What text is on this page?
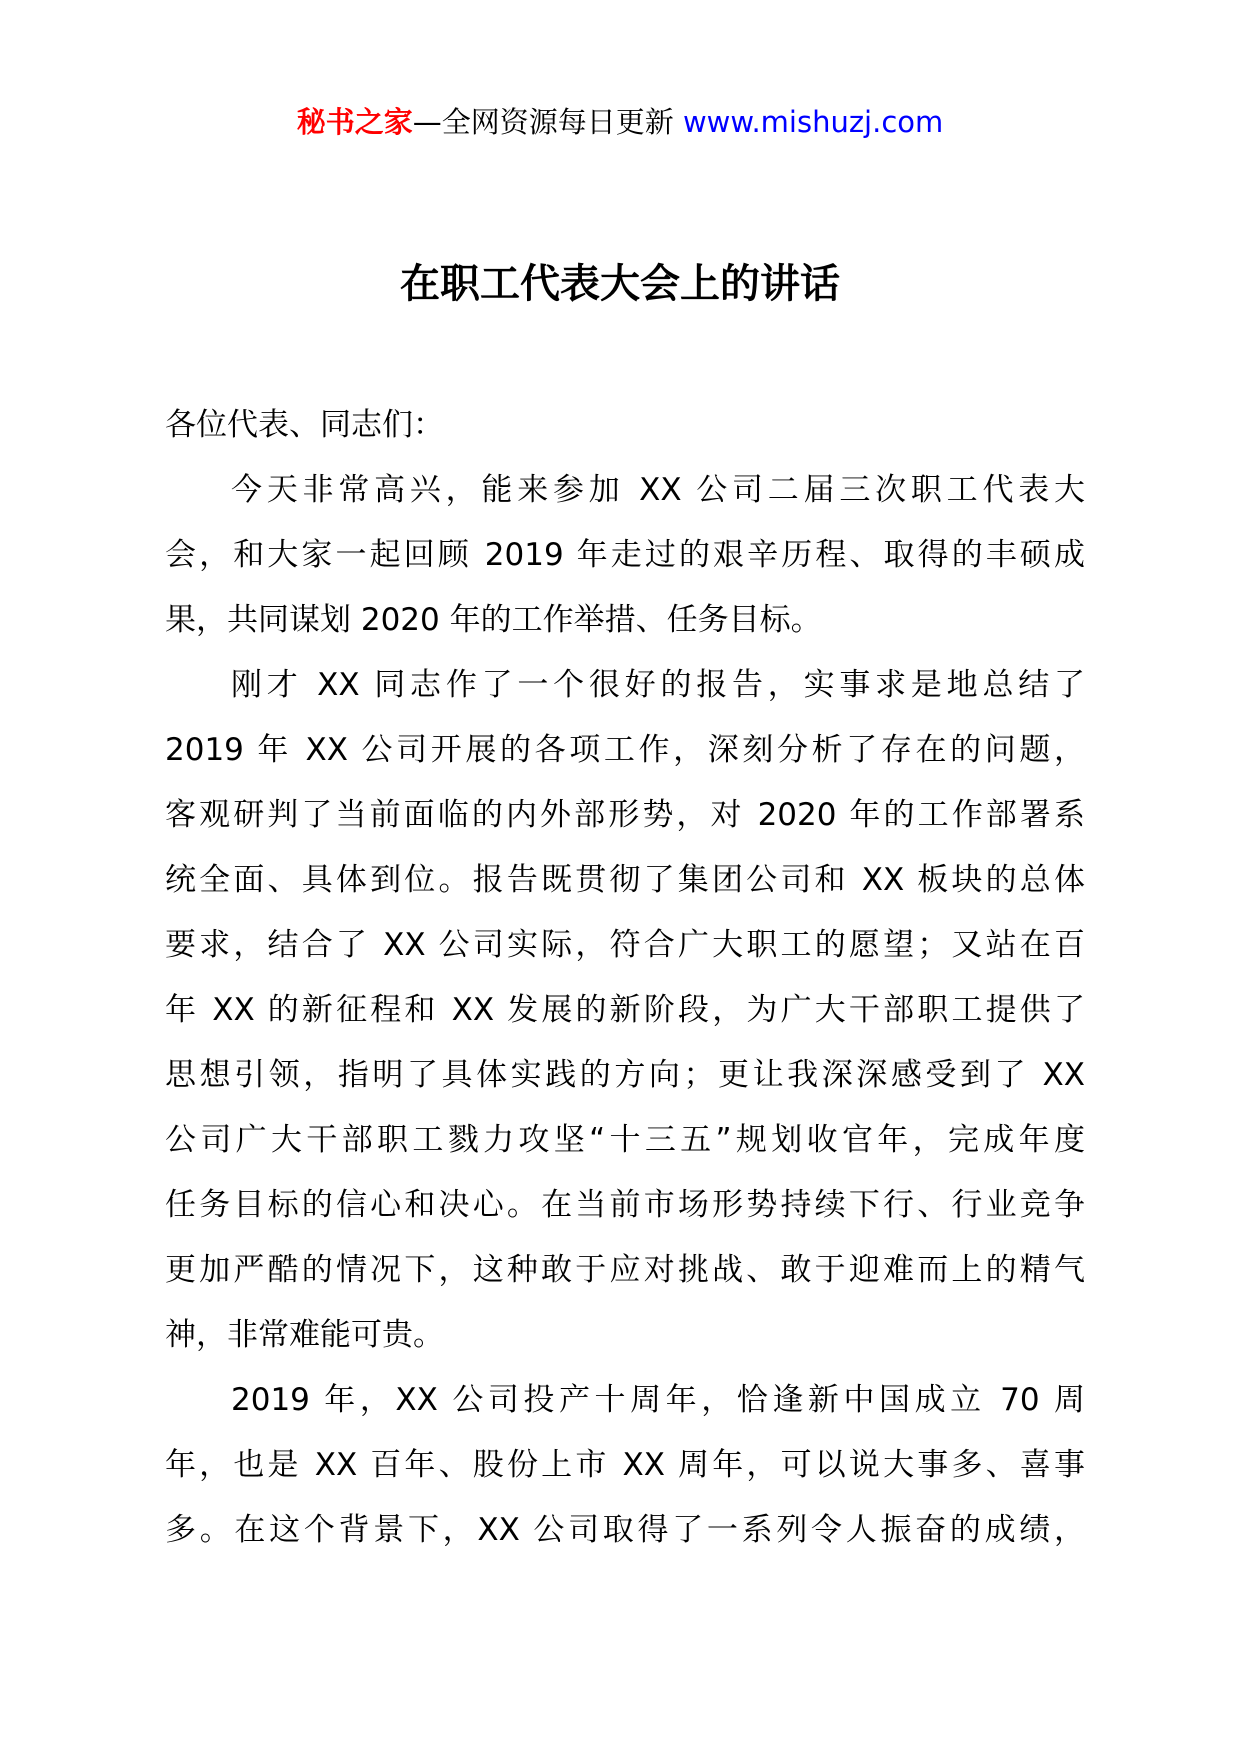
秘书之家—全网资源每日更新 www.mishuzj.com
在职工代表大会上的讲话
各位代表、同志们：

今天非常高兴，能来参加 XX 公司二届三次职工代表大
会，和大家一起回顾 2019 年走过的艰辛历程、取得的丰硕成
果，共同谋划 2020 年的工作举措、任务目标。

刚才 XX 同志作了一个很好的报告，实事求是地总结了
2019 年 XX 公司开展的各项工作，深刻分析了存在的问题，
客观研判了当前面临的内外部形势，对 2020 年的工作部署系
统全面、具体到位。报告既贯彻了集团公司和 XX 板块的总体
要求，结合了 XX 公司实际，符合广大职工的愿望；又站在百
年 XX 的新征程和 XX 发展的新阶段，为广大干部职工提供了
思想引领，指明了具体实践的方向；更让我深深感受到了 XX
公司广大干部职工戮力攻坚“十三五”规划收官年，完成年度
任务目标的信心和决心。在当前市场形势持续下行、行业竞争
更加严酷的情况下，这种敢于应对挑战、敢于迎难而上的精气
神，非常难能可贵。

2019 年，XX 公司投产十周年，恰逢新中国成立 70 周
年，也是 XX 百年、股份上市 XX 周年，可以说大事多、喜事
多。在这个背景下，XX 公司取得了一系列令人振奋的成绩，
